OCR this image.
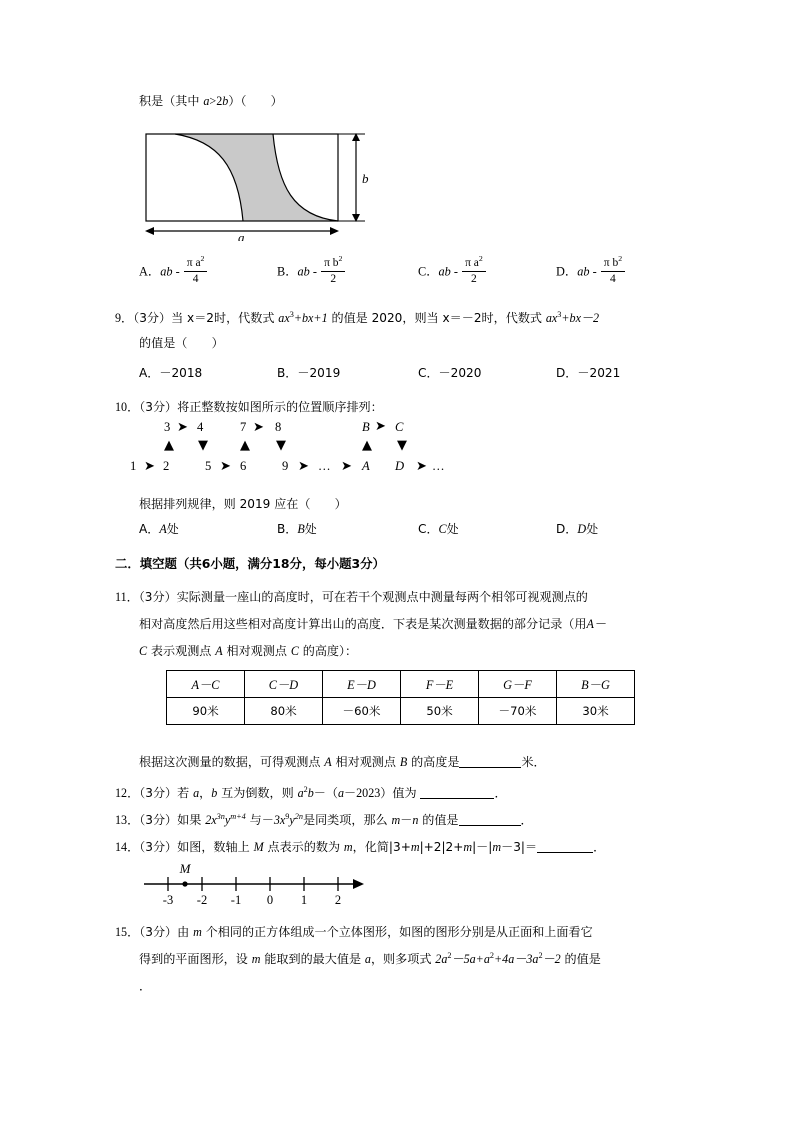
积是（其中 a>2b）（　　 ）
b
a
A．ab - $\frac{\pi a^2}{4}$	B．ab - $\frac{\pi b^2}{2}$	C．ab - $\frac{\pi a^2}{2}$	D．ab - $\frac{\pi b^2}{4}$
9．（3分）当 x＝2时，代数式 $ax^3+bx+1$ 的值是 2020，则当 x＝－2时，代数式 $ax^3+bx-2$
的值是（　　）
A．－2018	B．－2019	C．－2020	D．－2021
10．（3分）将正整数按如图所示的位置顺序排列：
3 4	7 8	B C
➤	➤	➤
▲ ▼ ▲ ▼	▲ ▼
1 2	5 6	9 … A D …
➤	➤	➤ ➤	➤
根据排列规律，则 2019 应在（　　）
A．A处	B．B处	C．C处	D．D处
二．填空题（共6小题，满分18分，每小题3分）
11．（3分）实际测量一座山的高度时，可在若干个观测点中测量每两个相邻可视观测点的
相对高度然后用这些相对高度计算出山的高度．下表是某次测量数据的部分记录（用A－
C 表示观测点 A 相对观测点 C 的高度）：
A－C	C－D	E－D	F－E	G－F	B－G
90米	80米	－60米	50米	－70米	30米
根据这次测量的数据，可得观测点 A 相对观测点 B 的高度是	米．
12．（3分）若 a，b 互为倒数，则 $a^2b-(a-2023)$值为	．
13．（3分）如果 $2x^{3n}y^{m+4}$ 与$-3x^9y^{2n}$是同类项，那么 m－n 的值是	．
14．（3分）如图，数轴上 M 点表示的数为 m，化简|3+m|+2|2+m|－|m－3|＝	．
-3 -2 -1 0 1 2
M
15．（3分）由 m 个相同的正方体组成一个立体图形，如图的图形分别是从正面和上面看它
得到的平面图形，设 m 能取到的最大值是 a，则多项式 $2a^2-5a+a^2+4a-3a^2-2$ 的值是
．
